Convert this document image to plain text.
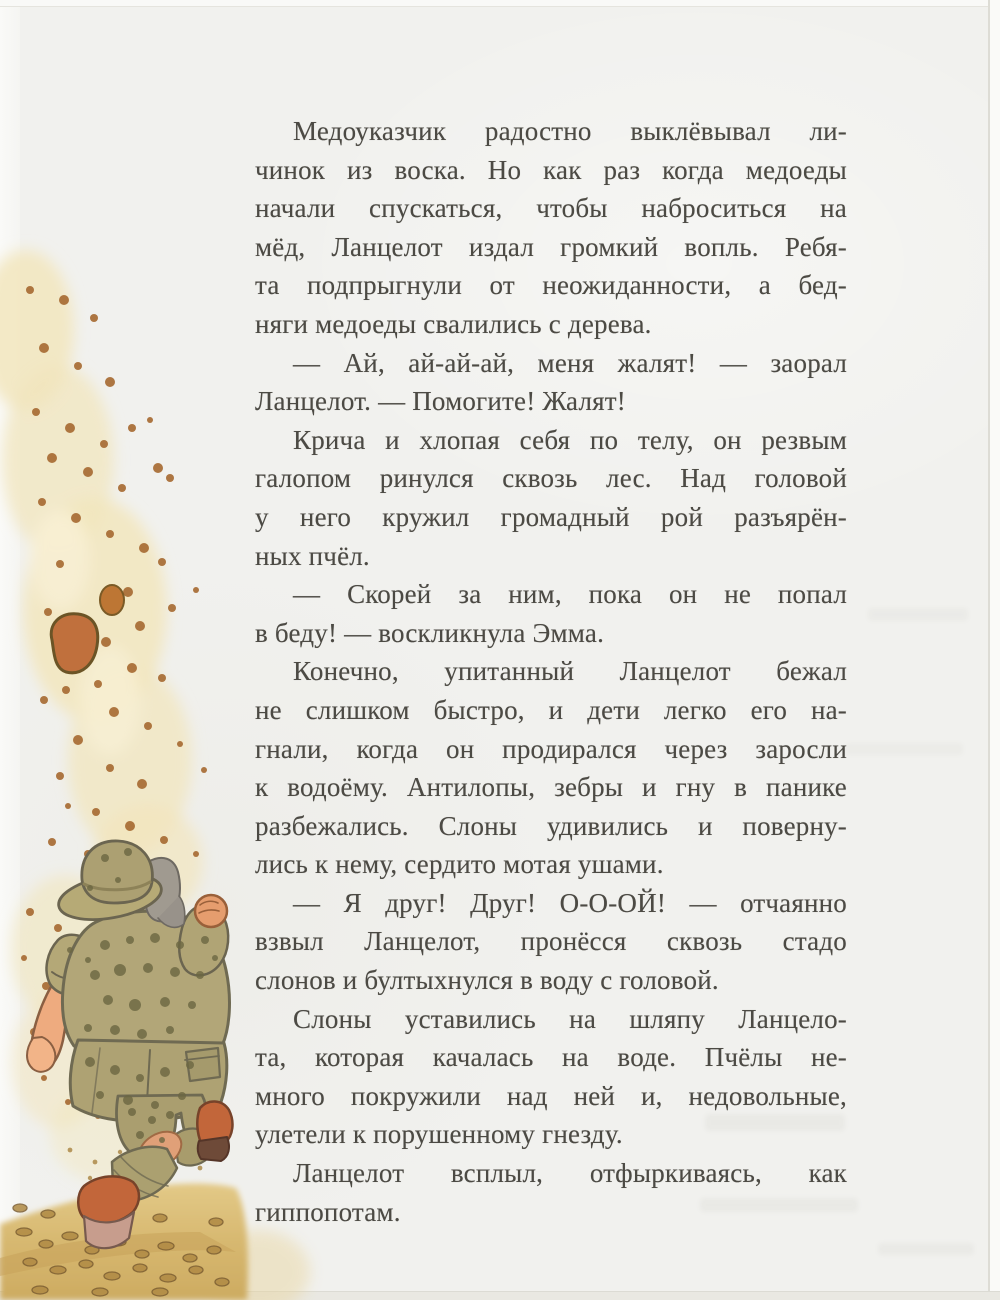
Медоуказчик радостно выклёвывал ли-
чинок из воска. Но как раз когда медоеды
начали спускаться, чтобы наброситься на
мёд, Ланцелот издал громкий вопль. Ребя-
та подпрыгнули от неожиданности, а бед-
няги медоеды свалились с дерева.
— Ай, ай-ай-ай, меня жалят! — заорал
Ланцелот. — Помогите! Жалят!
Крича и хлопая себя по телу, он резвым
галопом ринулся сквозь лес. Над головой
у него кружил громадный рой разъярён-
ных пчёл.
— Скорей за ним, пока он не попал
в беду! — воскликнула Эмма.
Конечно, упитанный Ланцелот бежал
не слишком быстро, и дети легко его на-
гнали, когда он продирался через заросли
к водоёму. Антилопы, зебры и гну в панике
разбежались. Слоны удивились и поверну-
лись к нему, сердито мотая ушами.
— Я друг! Друг! О-О-ОЙ! — отчаянно
взвыл Ланцелот, пронёсся сквозь стадо
слонов и бултыхнулся в воду с головой.
Слоны уставились на шляпу Ланцело-
та, которая качалась на воде. Пчёлы не-
много покружили над ней и, недовольные,
улетели к порушенному гнезду.
Ланцелот всплыл, отфыркиваясь, как
гиппопотам.
